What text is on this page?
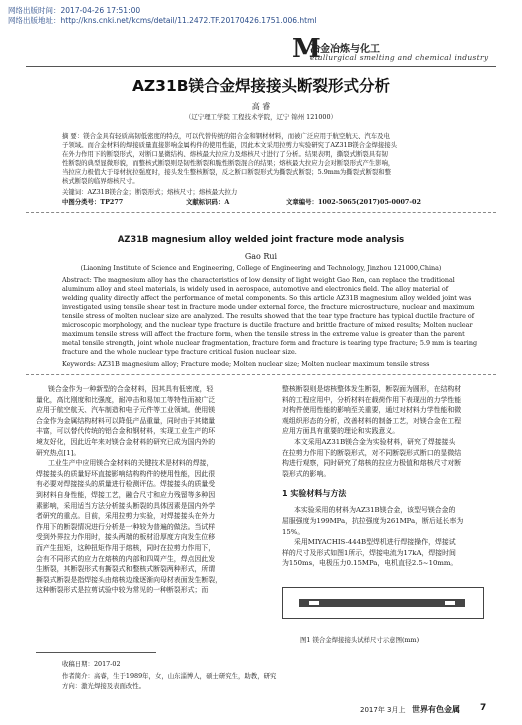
网络出版时间：2017-04-26 17:51:00
网络出版地址：http://kns.cnki.net/kcms/detail/11.2472.TF.20170426.1751.006.html
M
冶金冶炼与化工
etallurgical smelting and chemical industry
AZ31B镁合金焊接接头断裂形式分析
高 睿
（辽宁理工学院 工程技术学院，辽宁 锦州 121000）
摘 要：镁合金具有轻质高韧低密度的特点，可以代替传统的铝合金和钢材材料，而被广泛应用于航空航天、汽车及电
子领域。而合金材料的焊接质量直接影响金属构件的使用性能，因此本文采用拉剪力实验研究了AZ31B镁合金焊接接头
在外力作用下的断裂形式，对断口显微结构、熔核最大拉应力及熔核尺寸进行了分析。结果表明，撕裂式断裂具有韧
性断裂的典型显微形貌，而整核式断裂则是韧性断裂和脆性断裂混合的结果；熔核最大拉应力会对断裂形式产生影响，
当拉应力极值大于母材抗拉强度时，接头发生整核断裂，反之断口断裂形式为撕裂式断裂；5.9mm为撕裂式断裂和整
核式断裂的临界熔核尺寸。
关键词：AZ31B镁合金；断裂形式；熔核尺寸；熔核最大拉力
中图分类号：TP277	文献标识码：A	文章编号：1002-5065(2017)05-0007-02
AZ31B magnesium alloy welded joint fracture mode analysis
Gao Rui
(Liaoning Institute of Science and Engineering, College of Engineering and Technology, Jinzhou 121000,China)
Abstract: The magnesium alloy has the characteristics of low density of light weight Gao Ren, can replace the traditional
aluminum alloy and steel materials, is widely used in aerospace, automotive and electronics field. The alloy material of
welding quality directly affect the performance of metal components. So this article AZ31B magnesium alloy welded joint was
investigated using tensile shear test in fracture mode under external force, the fracture microstructure, nuclear and maximum
tensile stress of molten nuclear size are analyzed. The results showed that the tear type fracture has typical ductile fracture of
microscopic morphology, and the nuclear type fracture is ductile fracture and brittle fracture of mixed results; Molten nuclear
maximum tensile stress will affect the fracture form, when the tensile stress in the extreme value is greater than the parent
metal tensile strength, joint whole nuclear fragmentation, fracture form and fracture is tearing type fracture; 5.9 mm is tearing
fracture and the whole nuclear type fracture critical fusion nuclear size.
Keywords: AZ31B magnesium alloy; Fracture mode; Molten nuclear size; Molten nuclear maximum tensile stress
镁合金作为一种新型的合金材料，因其具有低密度，轻
量化，高比刚度和比强度，耐冲击和易加工等特性而被广泛
应用于航空航天、汽车制造和电子元件等工业领域。使用镁
合金作为金属结构材料可以降低产品重量，同时由于其储量
丰富，可以替代传统的铝合金和钢材料，实现工业生产的环
境友好化，因此近年来对镁合金材料的研究已成为国内外的
研究热点[1]。
工业生产中应用镁合金材料的关键技术是材料的焊接，
焊接接头的质量好坏直接影响结构构件的使用性能，因此很
有必要对焊接接头的质量进行检测评估。焊接接头的质量受
到材料自身性能，焊接工艺，融合尺寸和应力残留等多种因
素影响，采用适当方法分析接头断裂的具体因素是国内外学
者研究的重点。目前，采用拉剪力实验，对焊接接头在外力
作用下的断裂情况进行分析是一种较为普遍的做法。当试样
受到外界拉力作用时，接头两端的板材沿厚度方向发生位移
而产生扭矩，这种扭矩作用于熔核，同时在拉剪力作用下，
会有不同形式的应力在熔核的内部和四周产生，焊点因此发
生断裂，其断裂形式有撕裂式和整核式断裂两种形式，所谓
撕裂式断裂是指焊接头由熔核边缘逐渐向母材表面发生断裂，
这种断裂形式是拉剪试验中较为常见的一种断裂形式；而
整核断裂则是熔核整体发生断裂，断裂面为圆形，在结构材
料的工程应用中，分析材料在载荷作用下表现出的力学性能
对构件使用性能的影响至关重要，通过对材料力学性能和微
观组织形态的分析，改善材料的制备工艺，对镁合金在工程
应用方面具有重要的理论和实践意义。
本文采用AZ31B镁合金为实验材料，研究了焊接接头
在拉剪力作用下的断裂形式，对不同断裂形式断口的显微结
构进行观察，同时研究了熔核的拉应力极值和熔核尺寸对断
裂形式的影响。
1 实验材料与方法
本实验采用的材料为AZ31B镁合金，该型号镁合金的
屈服强度为199MPa，抗拉强度为261MPa，断后延长率为
15%。
采用MIYACHIS-444B型焊机进行焊接操作，焊接试
样的尺寸及形式如图1所示，焊接电流为17kA，焊接时间
为150ms，电极压力0.15MPa，电机直径2.5~10mm。
图1 镁合金焊接接头试样尺寸示意图(mm)
收稿日期：2017-02
作者简介：高睿，生于1989年，女，山东淄博人，硕士研究生，助教，研究
方向：激光焊接及表面改性。
2017年 3月上 世界有色金属 7
